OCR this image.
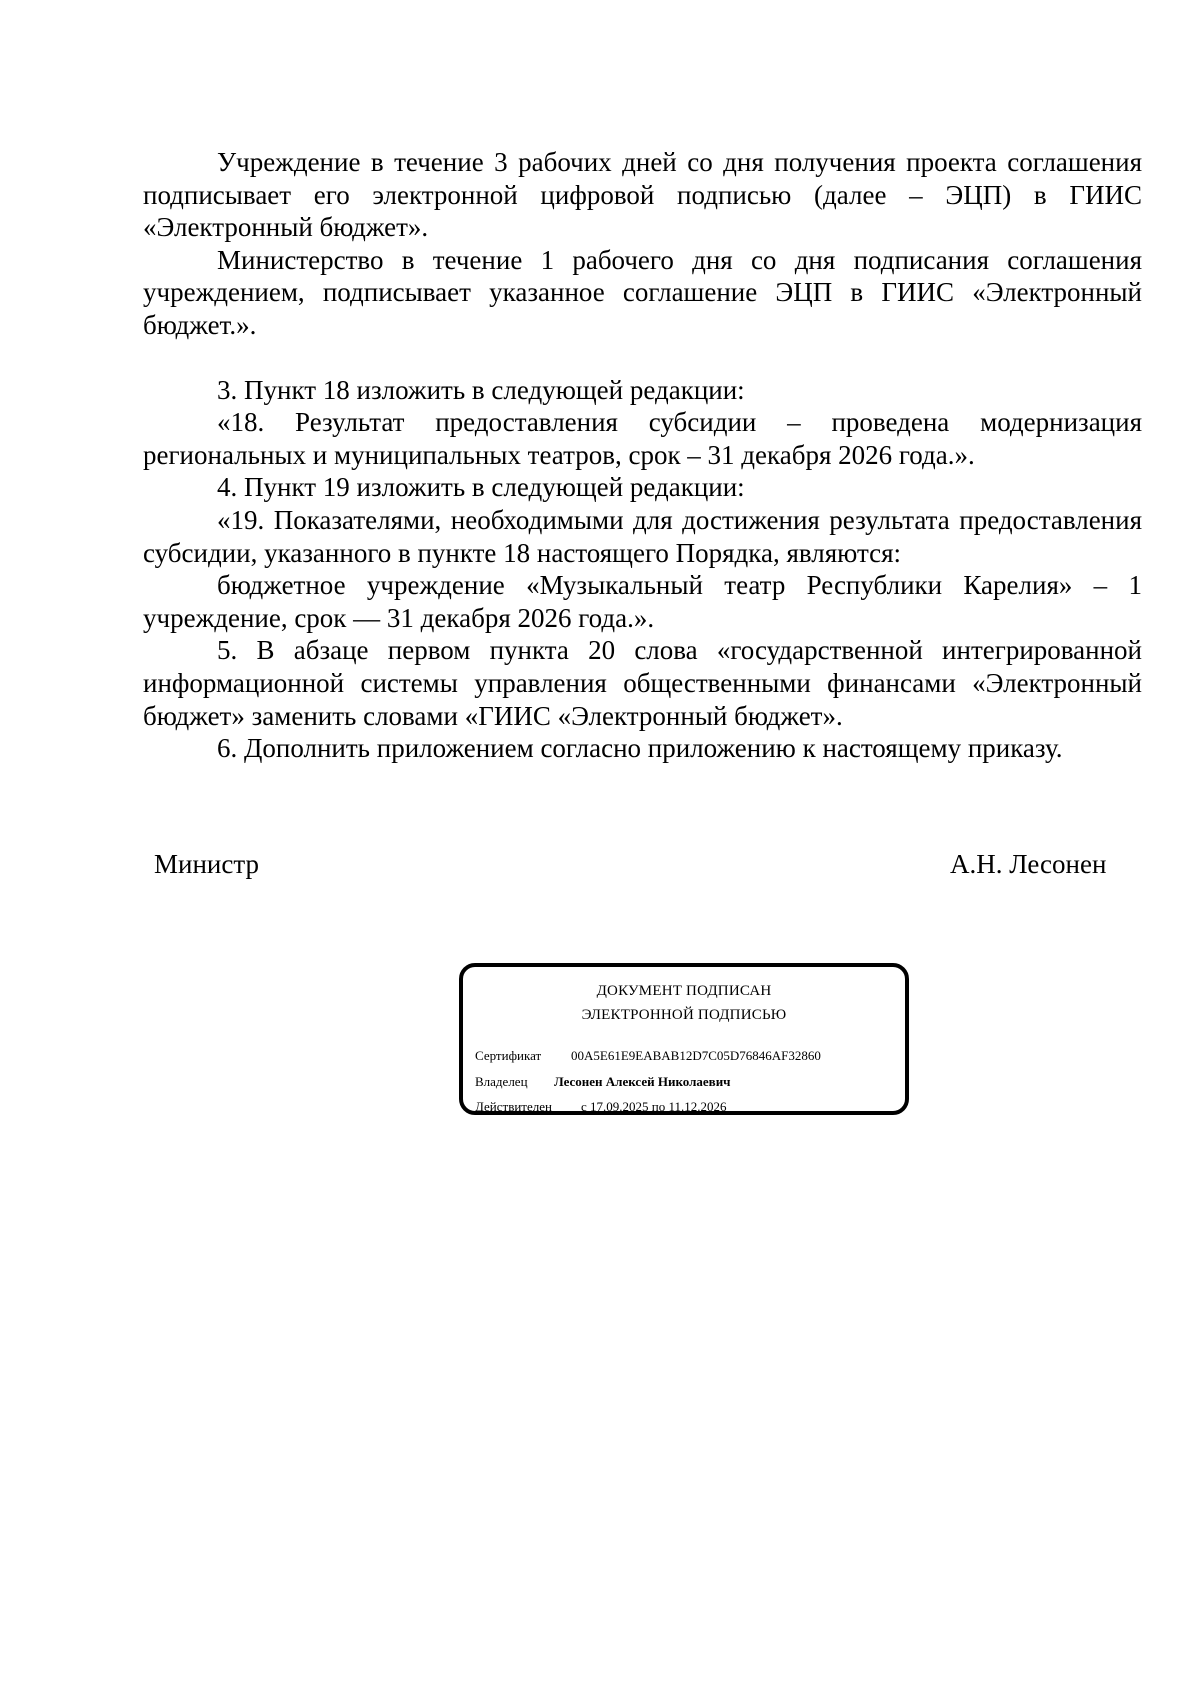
Учреждение в течение 3 рабочих дней со дня получения проекта соглашения подписывает его электронной цифровой подписью (далее – ЭЦП) в ГИИС «Электронный бюджет».

Министерство в течение 1 рабочего дня со дня подписания соглашения учреждением, подписывает указанное соглашение ЭЦП в ГИИС «Электронный бюджет.».

3. Пункт 18 изложить в следующей редакции:

«18. Результат предоставления субсидии – проведена модернизация региональных и муниципальных театров, срок – 31 декабря 2026 года.».

4. Пункт 19 изложить в следующей редакции:

«19. Показателями, необходимыми для достижения результата предоставления субсидии, указанного в пункте 18 настоящего Порядка, являются:

бюджетное учреждение «Музыкальный театр Республики Карелия» – 1 учреждение, срок — 31 декабря 2026 года.».

5. В абзаце первом пункта 20 слова «государственной интегрированной информационной системы управления общественными финансами «Электронный бюджет» заменить словами «ГИИС «Электронный бюджет».

6. Дополнить приложением согласно приложению к настоящему приказу.

Министр	А.Н. Лесонен
ДОКУМЕНТ ПОДПИСАН
ЭЛЕКТРОННОЙ ПОДПИСЬЮ
Сертификат 00A5E61E9EABAB12D7C05D76846AF32860
Владелец Лесонен Алексей Николаевич
Действителен с 17.09.2025 по 11.12.2026
